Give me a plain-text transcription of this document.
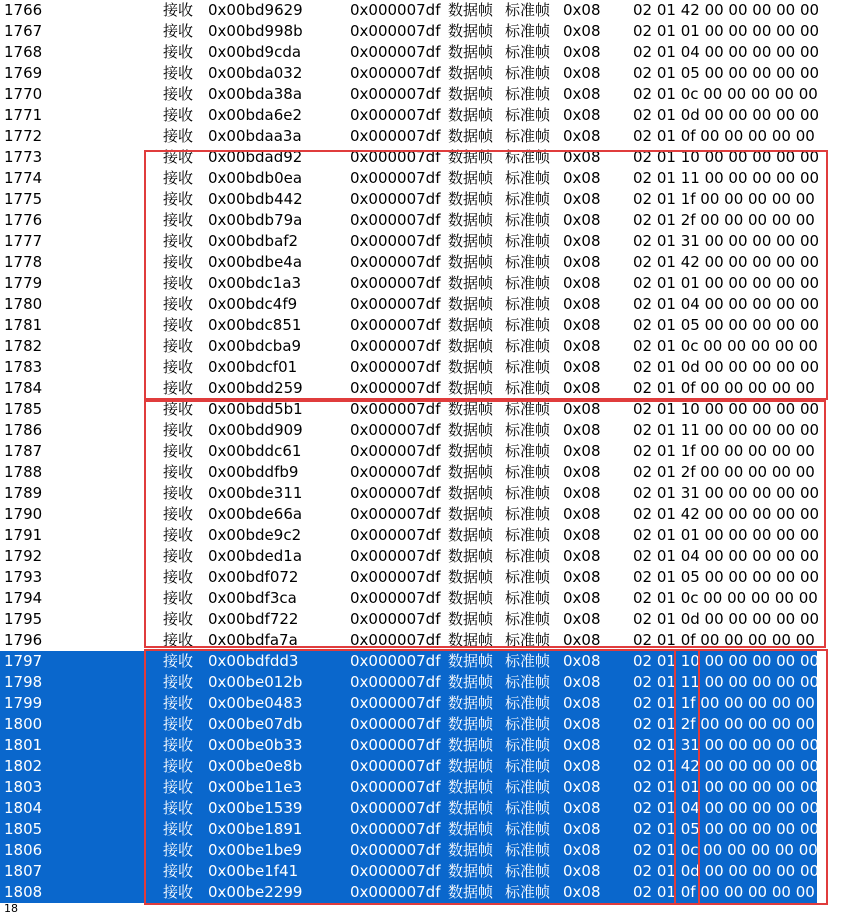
1766	接收 0x00bd9629	0x000007df 数据帧 标准帧 0x08 02 01 42 00 00 00 00 00
1767	接收 0x00bd998b	0x000007df 数据帧 标准帧 0x08 02 01 01 00 00 00 00 00
1768	接收 0x00bd9cda	0x000007df 数据帧 标准帧 0x08 02 01 04 00 00 00 00 00
1769	接收 0x00bda032	0x000007df 数据帧 标准帧 0x08 02 01 05 00 00 00 00 00
1770	接收 0x00bda38a	0x000007df 数据帧 标准帧 0x08 02 01 0c 00 00 00 00 00
1771	接收 0x00bda6e2	0x000007df 数据帧 标准帧 0x08 02 01 0d 00 00 00 00 00
1772	接收 0x00bdaa3a	0x000007df 数据帧 标准帧 0x08 02 01 0f 00 00 00 00 00
1773	接收 0x00bdad92	0x000007df 数据帧 标准帧 0x08 02 01 10 00 00 00 00 00
1774	接收 0x00bdb0ea	0x000007df 数据帧 标准帧 0x08 02 01 11 00 00 00 00 00
1775	接收 0x00bdb442	0x000007df 数据帧 标准帧 0x08 02 01 1f 00 00 00 00 00
1776	接收 0x00bdb79a	0x000007df 数据帧 标准帧 0x08 02 01 2f 00 00 00 00 00
1777	接收 0x00bdbaf2	0x000007df 数据帧 标准帧 0x08 02 01 31 00 00 00 00 00
1778	接收 0x00bdbe4a	0x000007df 数据帧 标准帧 0x08 02 01 42 00 00 00 00 00
1779	接收 0x00bdc1a3	0x000007df 数据帧 标准帧 0x08 02 01 01 00 00 00 00 00
1780	接收 0x00bdc4f9	0x000007df 数据帧 标准帧 0x08 02 01 04 00 00 00 00 00
1781	接收 0x00bdc851	0x000007df 数据帧 标准帧 0x08 02 01 05 00 00 00 00 00
1782	接收 0x00bdcba9	0x000007df 数据帧 标准帧 0x08 02 01 0c 00 00 00 00 00
1783	接收 0x00bdcf01	0x000007df 数据帧 标准帧 0x08 02 01 0d 00 00 00 00 00
1784	接收 0x00bdd259	0x000007df 数据帧 标准帧 0x08 02 01 0f 00 00 00 00 00
1785	接收 0x00bdd5b1	0x000007df 数据帧 标准帧 0x08 02 01 10 00 00 00 00 00
1786	接收 0x00bdd909	0x000007df 数据帧 标准帧 0x08 02 01 11 00 00 00 00 00
1787	接收 0x00bddc61	0x000007df 数据帧 标准帧 0x08 02 01 1f 00 00 00 00 00
1788	接收 0x00bddfb9	0x000007df 数据帧 标准帧 0x08 02 01 2f 00 00 00 00 00
1789	接收 0x00bde311	0x000007df 数据帧 标准帧 0x08 02 01 31 00 00 00 00 00
1790	接收 0x00bde66a	0x000007df 数据帧 标准帧 0x08 02 01 42 00 00 00 00 00
1791	接收 0x00bde9c2	0x000007df 数据帧 标准帧 0x08 02 01 01 00 00 00 00 00
1792	接收 0x00bded1a	0x000007df 数据帧 标准帧 0x08 02 01 04 00 00 00 00 00
1793	接收 0x00bdf072	0x000007df 数据帧 标准帧 0x08 02 01 05 00 00 00 00 00
1794	接收 0x00bdf3ca	0x000007df 数据帧 标准帧 0x08 02 01 0c 00 00 00 00 00
1795	接收 0x00bdf722	0x000007df 数据帧 标准帧 0x08 02 01 0d 00 00 00 00 00
1796	接收 0x00bdfa7a	0x000007df 数据帧 标准帧 0x08 02 01 0f 00 00 00 00 00
1797	接收 0x00bdfdd3	0x000007df 数据帧 标准帧 0x08 02 01 10 00 00 00 00 00
1798	接收 0x00be012b	0x000007df 数据帧 标准帧 0x08 02 01 11 00 00 00 00 00
1799	接收 0x00be0483	0x000007df 数据帧 标准帧 0x08 02 01 1f 00 00 00 00 00
1800	接收 0x00be07db	0x000007df 数据帧 标准帧 0x08 02 01 2f 00 00 00 00 00
1801	接收 0x00be0b33	0x000007df 数据帧 标准帧 0x08 02 01 31 00 00 00 00 00
1802	接收 0x00be0e8b	0x000007df 数据帧 标准帧 0x08 02 01 42 00 00 00 00 00
1803	接收 0x00be11e3	0x000007df 数据帧 标准帧 0x08 02 01 01 00 00 00 00 00
1804	接收 0x00be1539	0x000007df 数据帧 标准帧 0x08 02 01 04 00 00 00 00 00
1805	接收 0x00be1891	0x000007df 数据帧 标准帧 0x08 02 01 05 00 00 00 00 00
1806	接收 0x00be1be9	0x000007df 数据帧 标准帧 0x08 02 01 0c 00 00 00 00 00
1807	接收 0x00be1f41	0x000007df 数据帧 标准帧 0x08 02 01 0d 00 00 00 00 00
1808	接收 0x00be2299	0x000007df 数据帧 标准帧 0x08 02 01 0f 00 00 00 00 00
18
